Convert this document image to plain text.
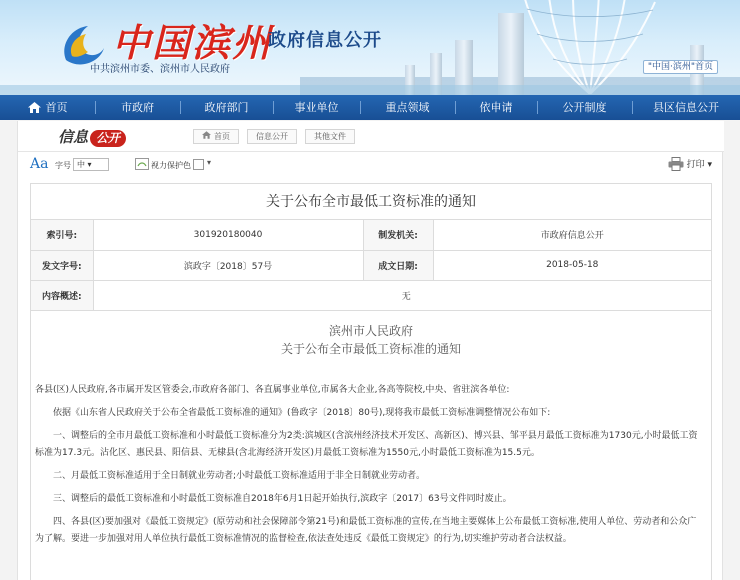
中国滨州
政府信息公开
中共滨州市委、滨州市人民政府	"中国·滨州"首页
首页	市政府	政府部门	事业单位	重点领域	依申请	公开制度	县区信息公开
信息 公开	首页	信息公开	其他文件
Aa 字号 中 ▾	视力保护色 ▾	打印 ▾
关于公布全市最低工资标准的通知
索引号:	301920180040	制发机关:	市政府信息公开
发文字号:	滨政字〔2018〕57号	成文日期:	2018-05-18
内容概述:	无		
滨州市人民政府
关于公布全市最低工资标准的通知

各县(区)人民政府,各市属开发区管委会,市政府各部门、各直属事业单位,市属各大企业,各高等院校,中央、省驻滨各单位:

依据《山东省人民政府关于公布全省最低工资标准的通知》(鲁政字〔2018〕80号),现将我市最低工资标准调整情况公布如下:

一、调整后的全市月最低工资标准和小时最低工资标准分为2类:滨城区(含滨州经济技术开发区、高新区)、博兴县、邹平县月最低工资标准为1730元,小时最低工资标准为17.3元。沾化区、惠民县、阳信县、无棣县(含北海经济开发区)月最低工资标准为1550元,小时最低工资标准为15.5元。

二、月最低工资标准适用于全日制就业劳动者;小时最低工资标准适用于非全日制就业劳动者。

三、调整后的最低工资标准和小时最低工资标准自2018年6月1日起开始执行,滨政字〔2017〕63号文件同时废止。

四、各县(区)要加强对《最低工资规定》(原劳动和社会保障部令第21号)和最低工资标准的宣传,在当地主要媒体上公布最低工资标准,使用人单位、劳动者和公众广为了解。要进一步加强对用人单位执行最低工资标准情况的监督检查,依法查处违反《最低工资规定》的行为,切实维护劳动者合法权益。
